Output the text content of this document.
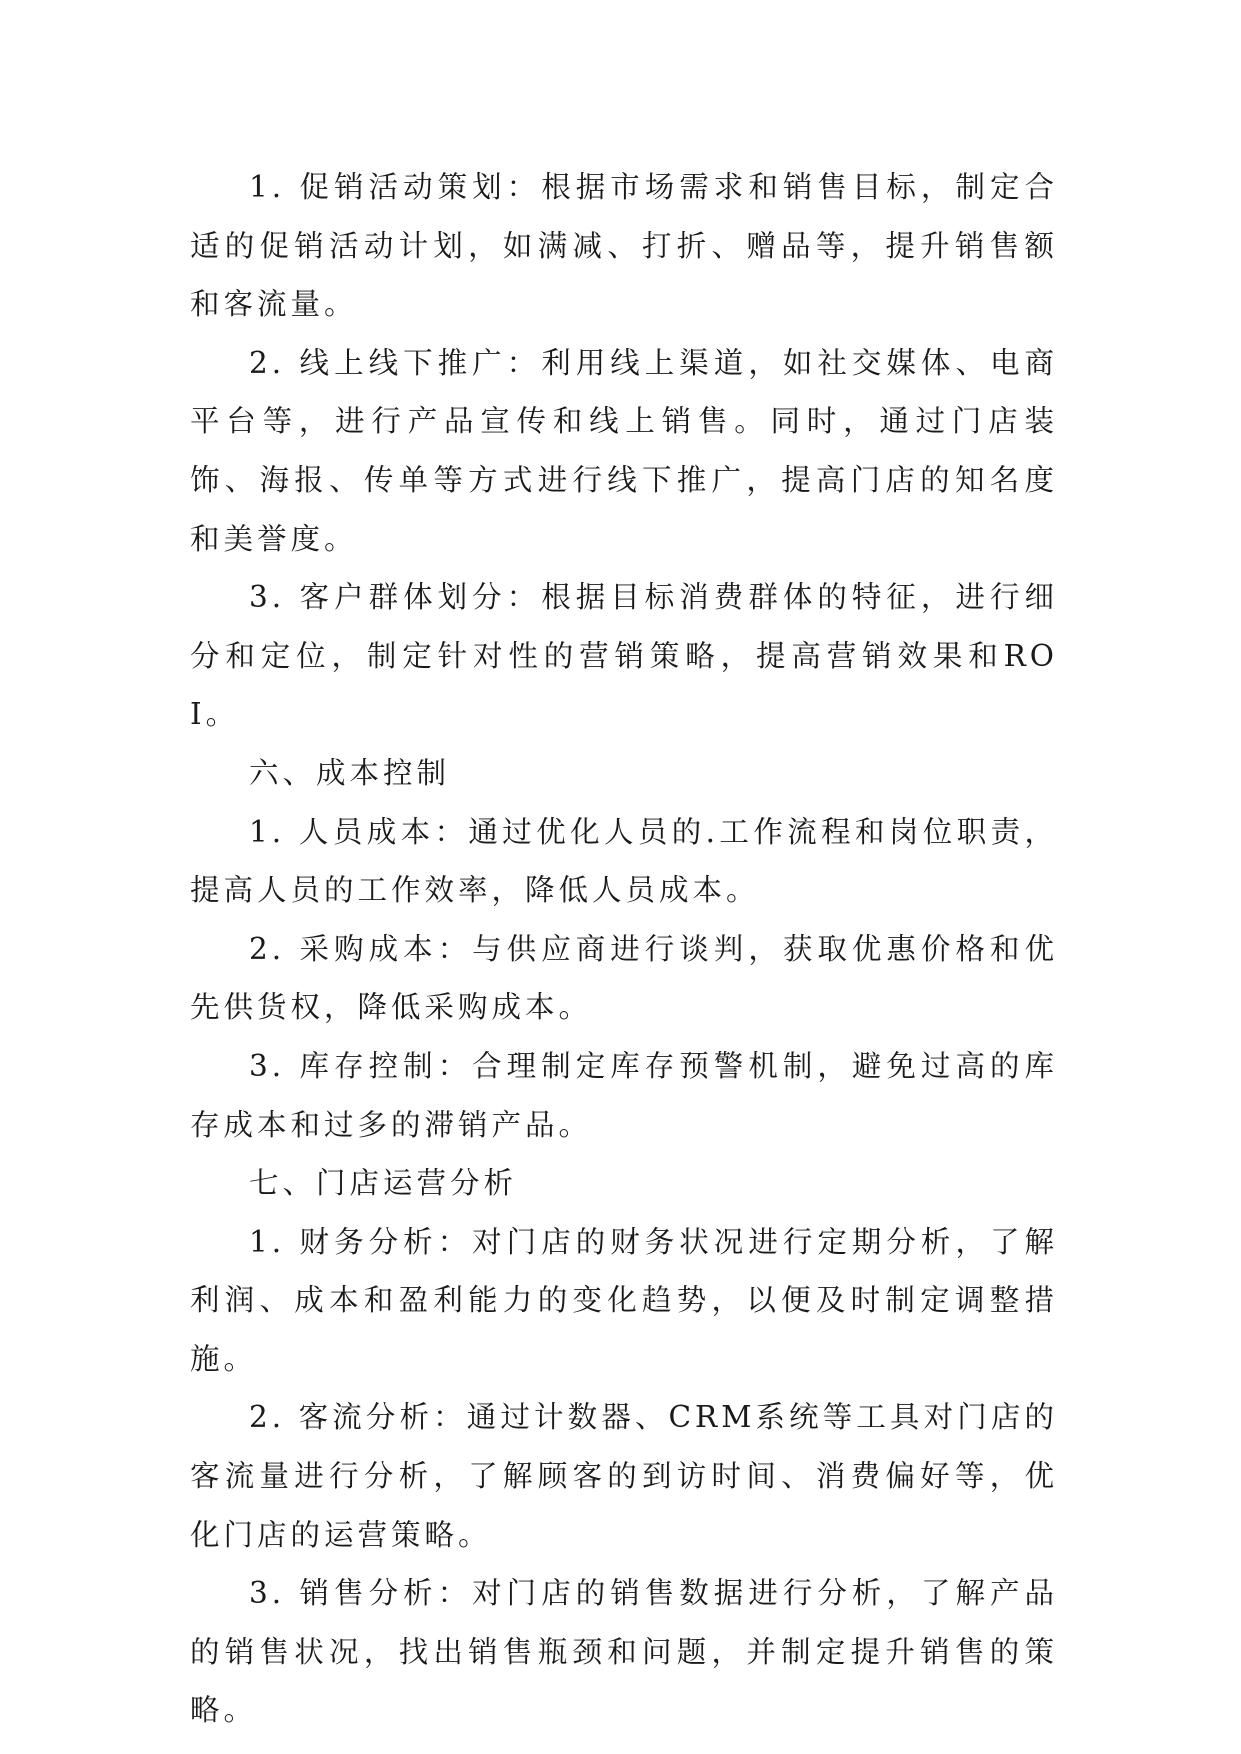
1. 促销活动策划：根据市场需求和销售目标，制定合适的促销活动计划，如满减、打折、赠品等，提升销售额和客流量。

2. 线上线下推广：利用线上渠道，如社交媒体、电商平台等，进行产品宣传和线上销售。同时，通过门店装饰、海报、传单等方式进行线下推广，提高门店的知名度和美誉度。

3. 客户群体划分：根据目标消费群体的特征，进行细分和定位，制定针对性的营销策略，提高营销效果和ROI。

六、成本控制

1. 人员成本：通过优化人员的.工作流程和岗位职责，提高人员的工作效率，降低人员成本。

2. 采购成本：与供应商进行谈判，获取优惠价格和优先供货权，降低采购成本。

3. 库存控制：合理制定库存预警机制，避免过高的库存成本和过多的滞销产品。

七、门店运营分析

1. 财务分析：对门店的财务状况进行定期分析，了解利润、成本和盈利能力的变化趋势，以便及时制定调整措施。

2. 客流分析：通过计数器、CRM系统等工具对门店的客流量进行分析，了解顾客的到访时间、消费偏好等，优化门店的运营策略。

3. 销售分析：对门店的销售数据进行分析，了解产品的销售状况，找出销售瓶颈和问题，并制定提升销售的策略。
